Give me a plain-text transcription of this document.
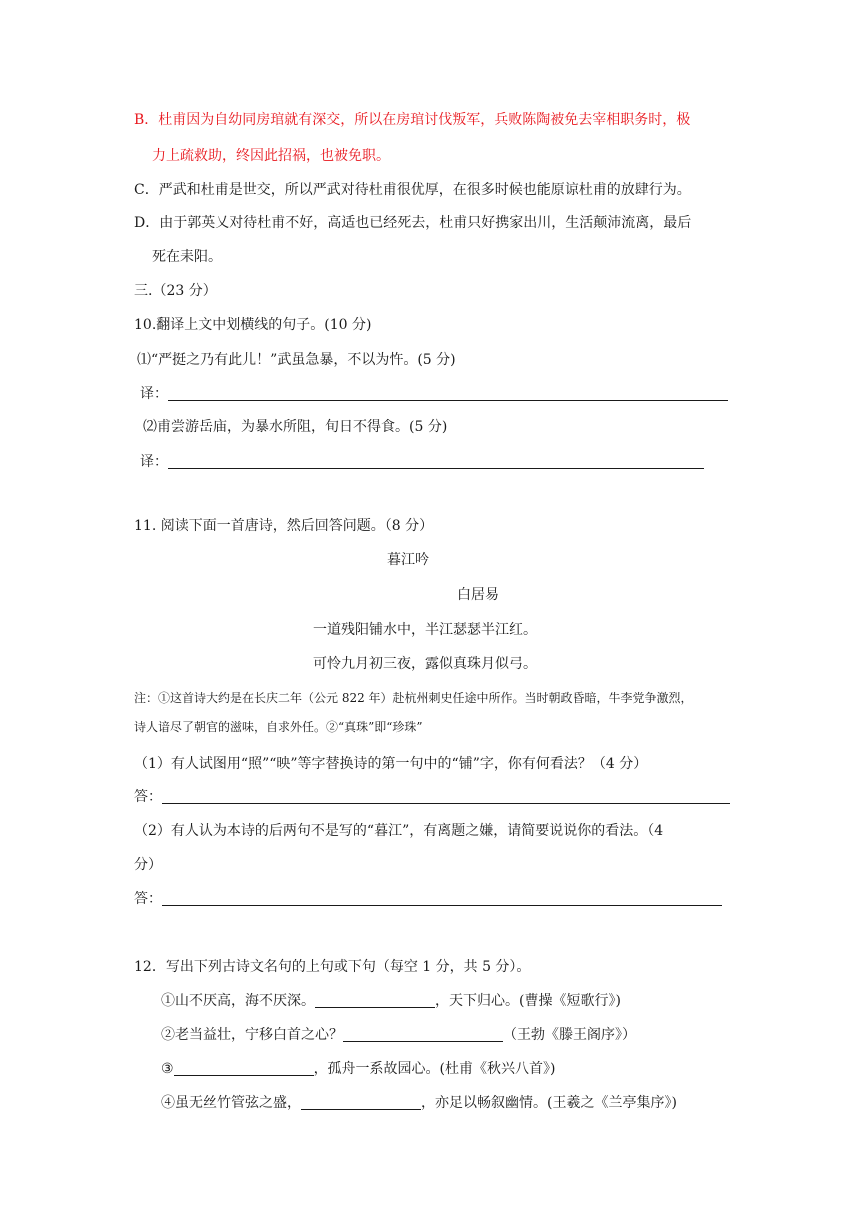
B．杜甫因为自幼同房琯就有深交，所以在房琯讨伐叛军，兵败陈陶被免去宰相职务时，极
力上疏救助，终因此招祸，也被免职。
C．严武和杜甫是世交，所以严武对待杜甫很优厚，在很多时候也能原谅杜甫的放肆行为。
D．由于郭英乂对待杜甫不好，高适也已经死去，杜甫只好携家出川，生活颠沛流离，最后
死在耒阳。
三.（23 分）
10.翻译上文中划横线的句子。(10 分)
⑴“严挺之乃有此儿！”武虽急暴，不以为忤。(5 分)
译：
⑵甫尝游岳庙，为暴水所阻，旬日不得食。(5 分)
译：
11. 阅读下面一首唐诗，然后回答问题。（8 分）
暮江吟
白居易
一道残阳铺水中，半江瑟瑟半江红。
可怜九月初三夜，露似真珠月似弓。
注：①这首诗大约是在长庆二年（公元 822 年）赴杭州刺史任途中所作。当时朝政昏暗，牛李党争激烈，
诗人谙尽了朝官的滋味，自求外任。②“真珠”即“珍珠”
（1）有人试图用“照”“映”等字替换诗的第一句中的“铺”字，你有何看法？（4 分）
答：
（2）有人认为本诗的后两句不是写的“暮江”，有离题之嫌，请简要说说你的看法。（4
分）
答：
12．写出下列古诗文名句的上句或下句（每空 1 分，共 5 分）。
①山不厌高，海不厌深。	，天下归心。(曹操《短歌行》)
②老当益壮，宁移白首之心？	（王勃《滕王阁序》）
③	，孤舟一系故园心。(杜甫《秋兴八首》)
④虽无丝竹管弦之盛，	，亦足以畅叙幽情。(王羲之《兰亭集序》)
